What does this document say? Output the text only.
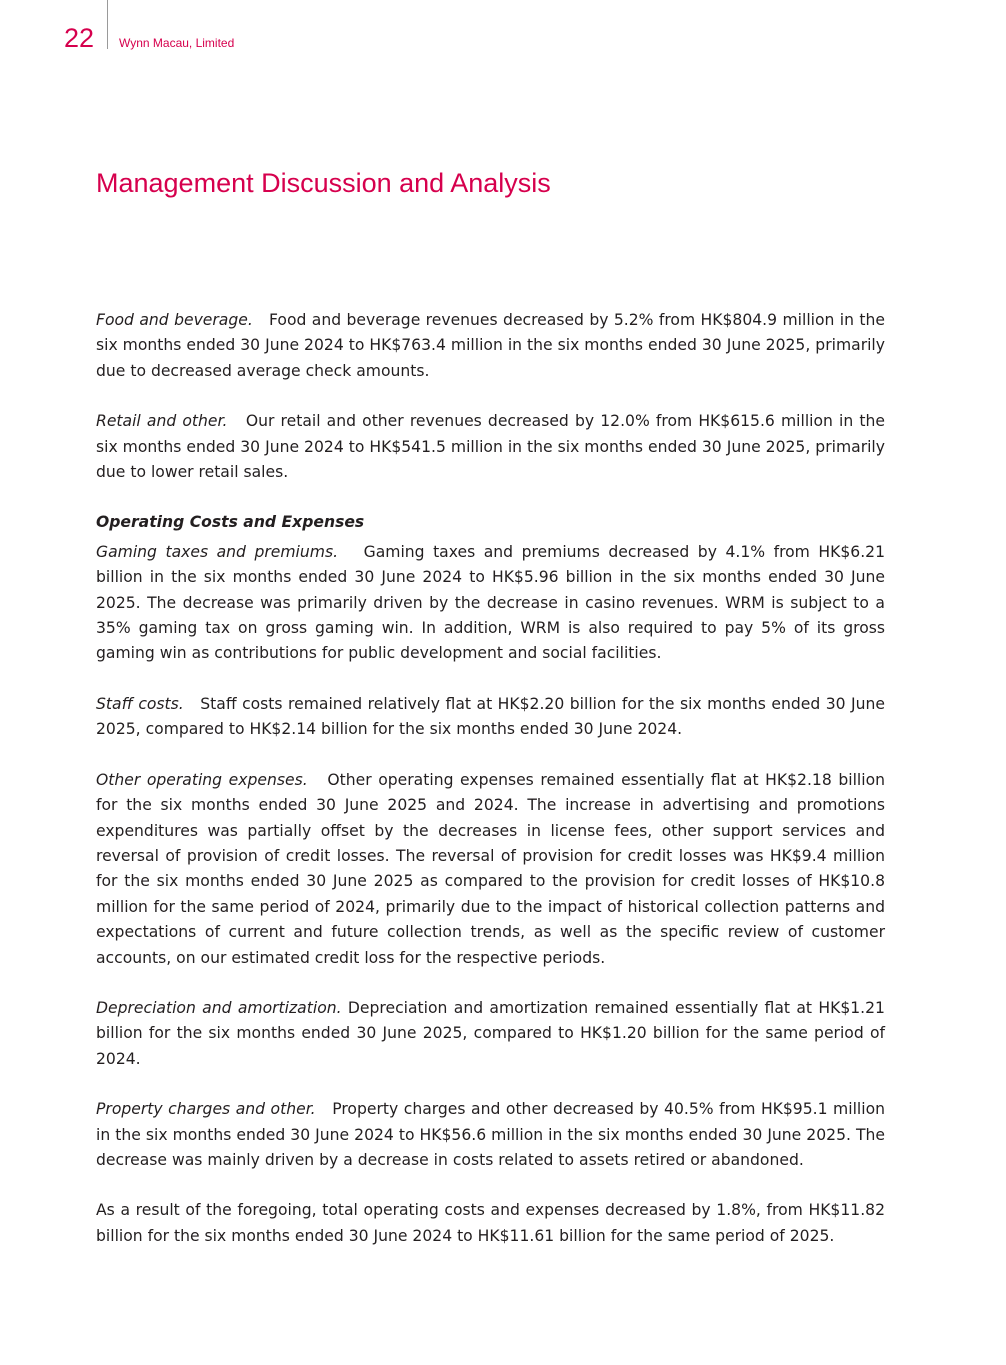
22 Wynn Macau, Limited
Management Discussion and Analysis

Food and beverage. Food and beverage revenues decreased by 5.2% from HK$804.9 million in the six months ended 30 June 2024 to HK$763.4 million in the six months ended 30 June 2025, primarily due to decreased average check amounts.

Retail and other. Our retail and other revenues decreased by 12.0% from HK$615.6 million in the six months ended 30 June 2024 to HK$541.5 million in the six months ended 30 June 2025, primarily due to lower retail sales.

Operating Costs and Expenses

Gaming taxes and premiums. Gaming taxes and premiums decreased by 4.1% from HK$6.21 billion in the six months ended 30 June 2024 to HK$5.96 billion in the six months ended 30 June 2025. The decrease was primarily driven by the decrease in casino revenues. WRM is subject to a 35% gaming tax on gross gaming win. In addition, WRM is also required to pay 5% of its gross gaming win as contributions for public development and social facilities.

Staff costs. Staff costs remained relatively flat at HK$2.20 billion for the six months ended 30 June 2025, compared to HK$2.14 billion for the six months ended 30 June 2024.

Other operating expenses. Other operating expenses remained essentially flat at HK$2.18 billion for the six months ended 30 June 2025 and 2024. The increase in advertising and promotions expenditures was partially offset by the decreases in license fees, other support services and reversal of provision of credit losses. The reversal of provision for credit losses was HK$9.4 million for the six months ended 30 June 2025 as compared to the provision for credit losses of HK$10.8 million for the same period of 2024, primarily due to the impact of historical collection patterns and expectations of current and future collection trends, as well as the specific review of customer accounts, on our estimated credit loss for the respective periods.

Depreciation and amortization. Depreciation and amortization remained essentially flat at HK$1.21 billion for the six months ended 30 June 2025, compared to HK$1.20 billion for the same period of 2024.

Property charges and other. Property charges and other decreased by 40.5% from HK$95.1 million in the six months ended 30 June 2024 to HK$56.6 million in the six months ended 30 June 2025. The decrease was mainly driven by a decrease in costs related to assets retired or abandoned.

As a result of the foregoing, total operating costs and expenses decreased by 1.8%, from HK$11.82 billion for the six months ended 30 June 2024 to HK$11.61 billion for the same period of 2025.
